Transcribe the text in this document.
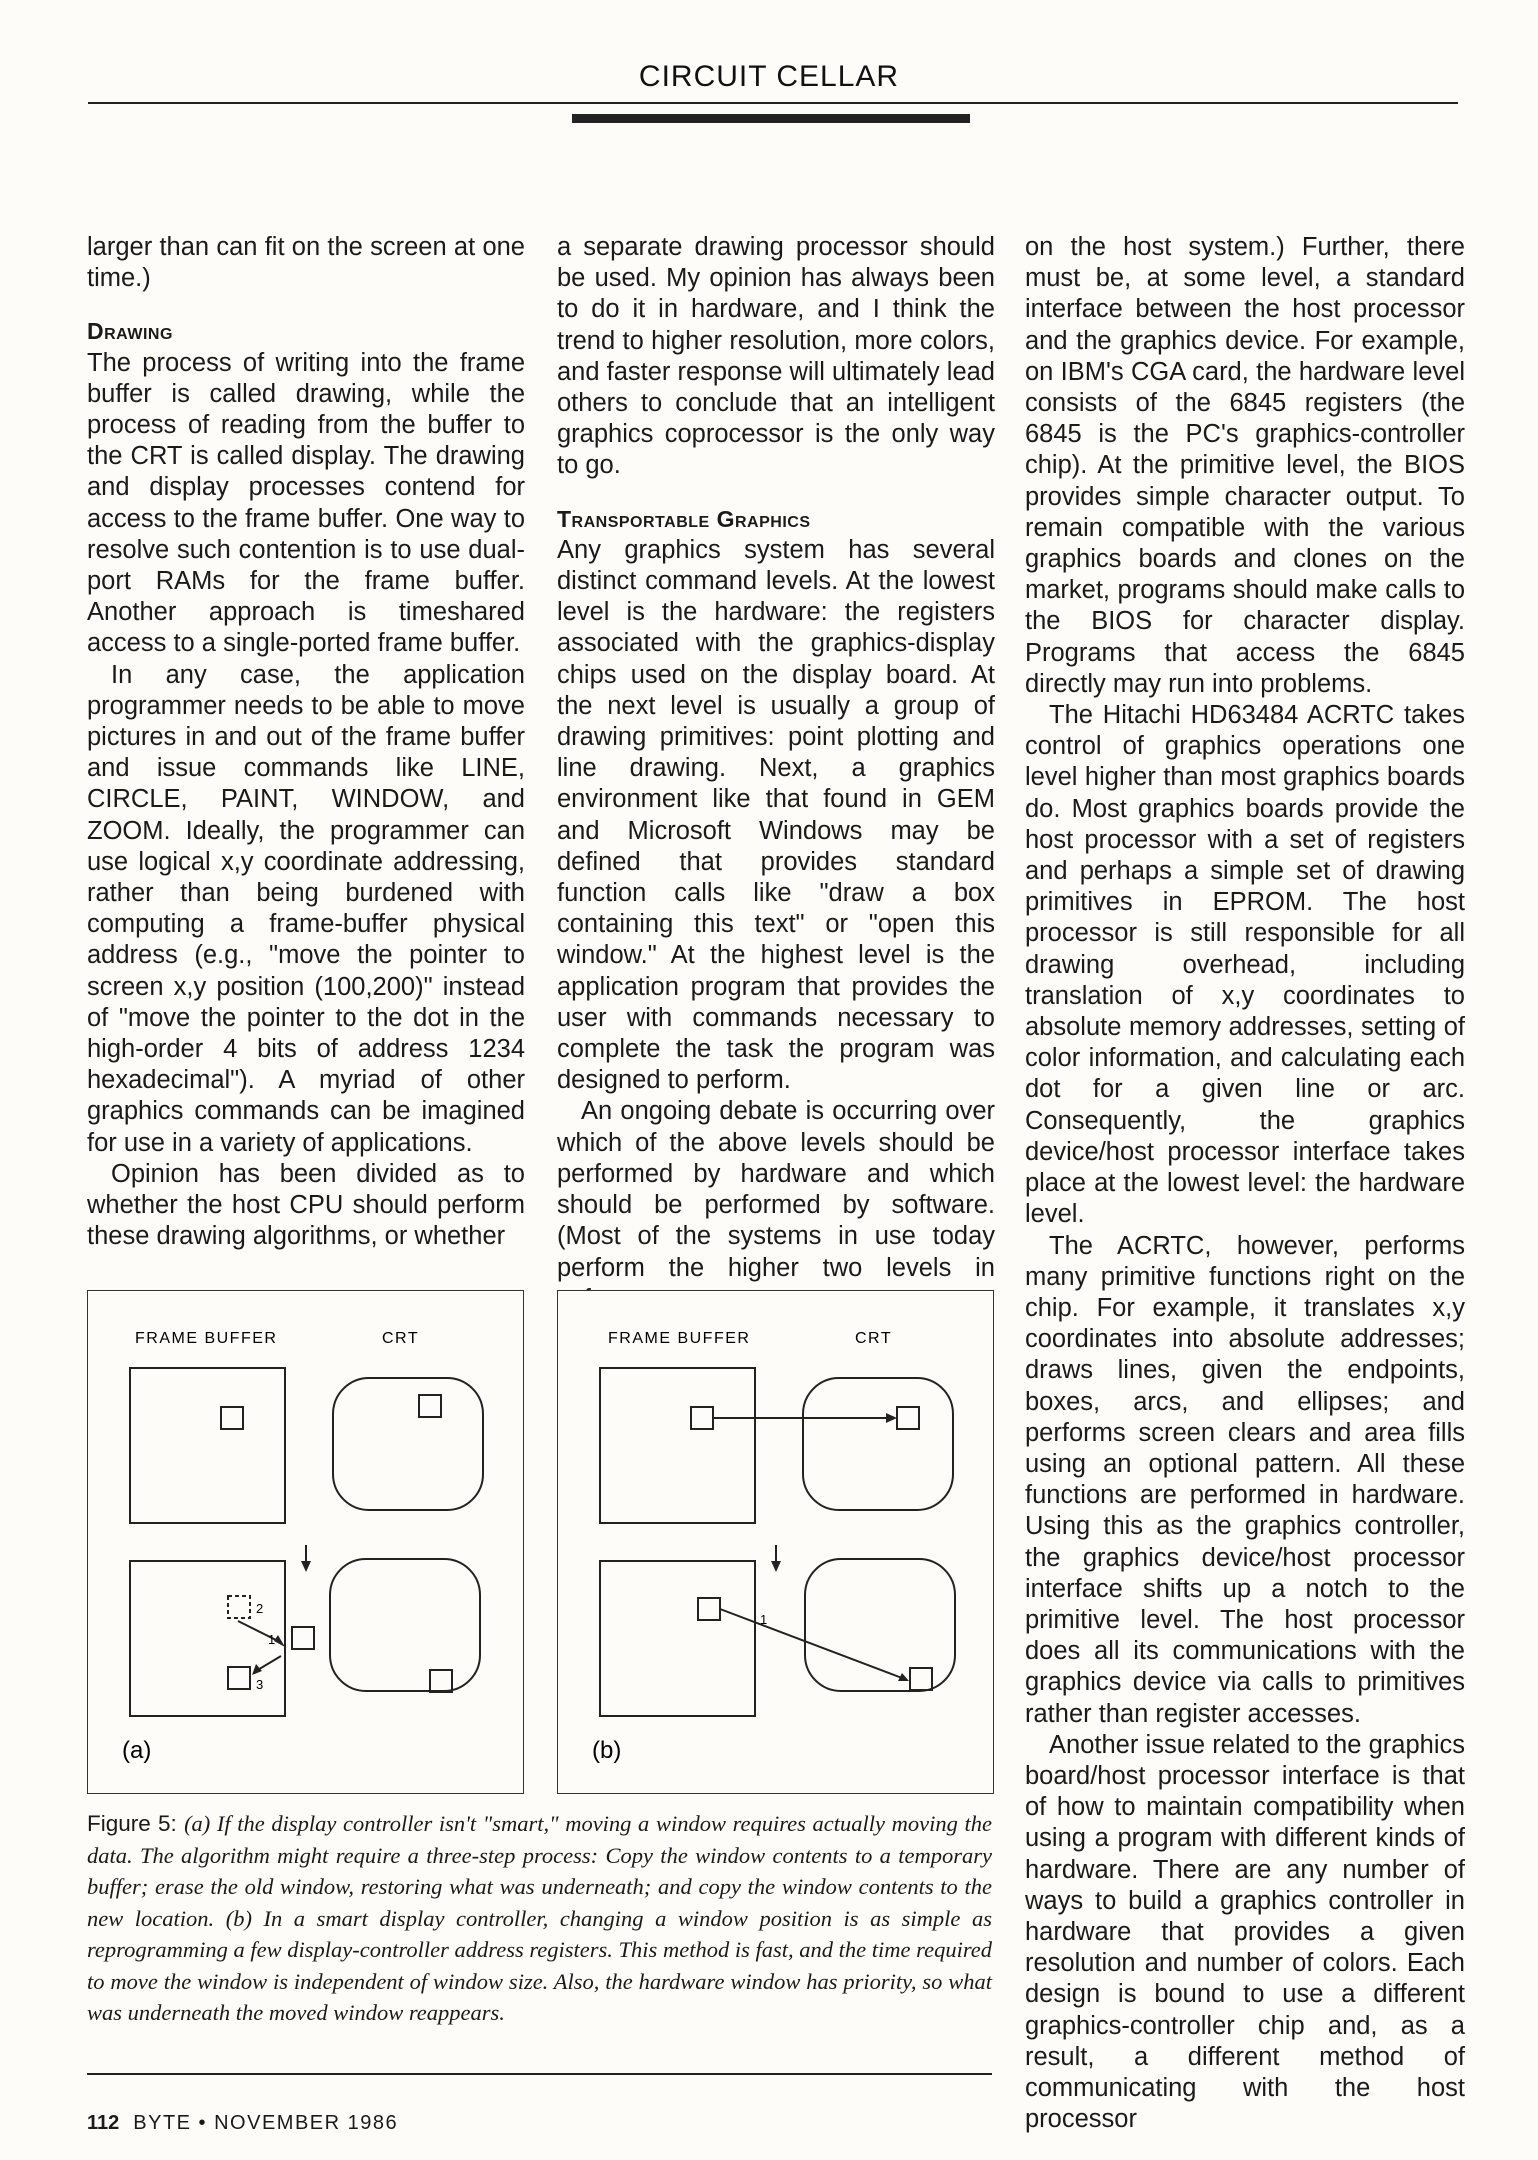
CIRCUIT CELLAR

larger than can fit on the screen at one time.)

Drawing

The process of writing into the frame buffer is called drawing, while the process of reading from the buffer to the CRT is called display. The drawing and display processes contend for access to the frame buffer. One way to resolve such contention is to use dual-port RAMs for the frame buffer. Another approach is timeshared access to a single-ported frame buffer.

In any case, the application programmer needs to be able to move pictures in and out of the frame buffer and issue commands like LINE, CIRCLE, PAINT, WINDOW, and ZOOM. Ideally, the programmer can use logical x,y coordinate addressing, rather than being burdened with computing a frame-buffer physical address (e.g., "move the pointer to screen x,y position (100,200)" instead of "move the pointer to the dot in the high-order 4 bits of address 1234 hexadecimal"). A myriad of other graphics commands can be imagined for use in a variety of applications.

Opinion has been divided as to whether the host CPU should perform these drawing algorithms, or whether

a separate drawing processor should be used. My opinion has always been to do it in hardware, and I think the trend to higher resolution, more colors, and faster response will ultimately lead others to conclude that an intelligent graphics coprocessor is the only way to go.

Transportable Graphics

Any graphics system has several distinct command levels. At the lowest level is the hardware: the registers associated with the graphics-display chips used on the display board. At the next level is usually a group of drawing primitives: point plotting and line drawing. Next, a graphics environment like that found in GEM and Microsoft Windows may be defined that provides standard function calls like "draw a box containing this text" or "open this window." At the highest level is the application program that provides the user with commands necessary to complete the task the program was designed to perform.

An ongoing debate is occurring over which of the above levels should be performed by hardware and which should be performed by software. (Most of the systems in use today perform the higher two levels in

on the host system.) Further, there must be, at some level, a standard interface between the host processor and the graphics device. For example, on IBM's CGA card, the hardware level consists of the 6845 registers (the 6845 is the PC's graphics-controller chip). At the primitive level, the BIOS provides simple character output. To remain compatible with the various graphics boards and clones on the market, programs should make calls to the BIOS for character display. Programs that access the 6845 directly may run into problems.

The Hitachi HD63484 ACRTC takes control of graphics operations one level higher than most graphics boards do. Most graphics boards provide the host processor with a set of registers and perhaps a simple set of drawing primitives in EPROM. The host processor is still responsible for all drawing overhead, including translation of x,y coordinates to absolute memory addresses, setting of color information, and calculating each dot for a given line or arc. Consequently, the graphics device/host processor interface takes place at the lowest level: the hardware level.

The ACRTC, however, performs many primitive functions right on the chip. For example, it translates x,y coordinates into absolute addresses; draws lines, given the endpoints, boxes, arcs, and ellipses; and performs screen clears and area fills using an optional pattern. All these functions are performed in hardware. Using this as the graphics controller, the graphics device/host processor interface shifts up a notch to the primitive level. The host processor does all its communications with the graphics device via calls to primitives rather than register accesses.

Another issue related to the graphics board/host processor interface is that of how to maintain compatibility when using a program with different kinds of hardware. There are any number of ways to build a graphics controller in hardware that provides a given resolution and number of colors. Each design is bound to use a different graphics-controller chip and, as a result, a different method of communicating with the host processor

FRAME BUFFER	CRT
2
1
3
(a)
FRAME BUFFER	CRT
1
(b)
Figure 5: (a) If the display controller isn't "smart," moving a window requires actually moving the data. The algorithm might require a three-step process: Copy the window contents to a temporary buffer; erase the old window, restoring what was underneath; and copy the window contents to the new location. (b) In a smart display controller, changing a window position is as simple as reprogramming a few display-controller address registers. This method is fast, and the time required to move the window is independent of window size. Also, the hardware window has priority, so what was underneath the moved window reappears.
112 BYTE • NOVEMBER 1986
